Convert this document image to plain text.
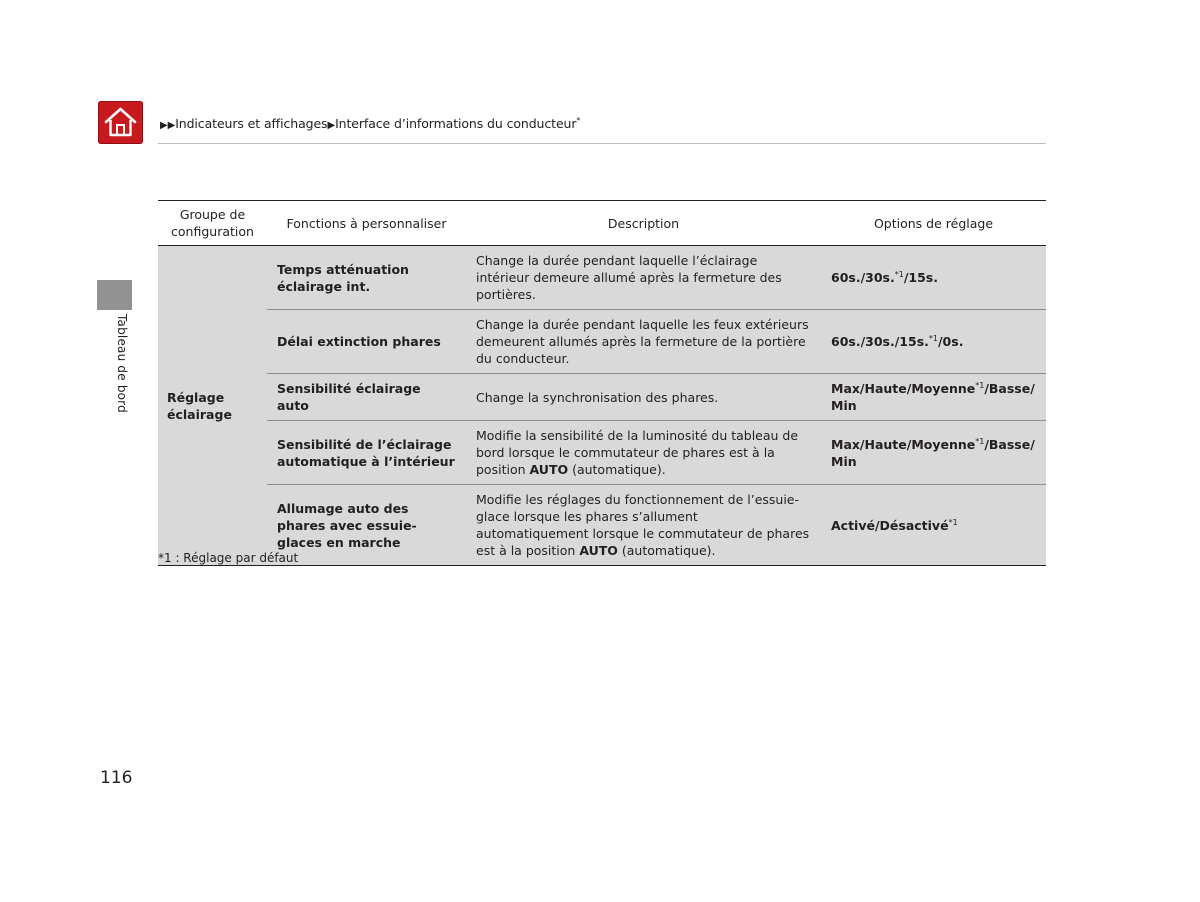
▶▶Indicateurs et affichages▶Interface d’informations du conducteur*
Tableau de bord
Groupe de configuration	Fonctions à personnaliser	Description	Options de réglage
Réglage éclairage	Temps atténuation éclairage int.	Change la durée pendant laquelle l’éclairage intérieur demeure allumé après la fermeture des portières.	60s./30s.$^{*1}$/15s.
	Délai extinction phares	Change la durée pendant laquelle les feux extérieurs demeurent allumés après la fermeture de la portière du conducteur.	60s./30s./15s.$^{*1}$/0s.
	Sensibilité éclairage auto	Change la synchronisation des phares.	Max/Haute/Moyenne$^{*1}$/Basse/ Min
	Sensibilité de l’éclairage automatique à l’intérieur	Modifie la sensibilité de la luminosité du tableau de bord lorsque le commutateur de phares est à la position AUTO (automatique).	Max/Haute/Moyenne$^{*1}$/Basse/ Min
	Allumage auto des phares avec essuie-glaces en marche	Modifie les réglages du fonctionnement de l’essuie-glace lorsque les phares s’allument automatiquement lorsque le commutateur de phares est à la position AUTO (automatique).	Activé/Désactivé$^{*1}$
*1 : Réglage par défaut
116
